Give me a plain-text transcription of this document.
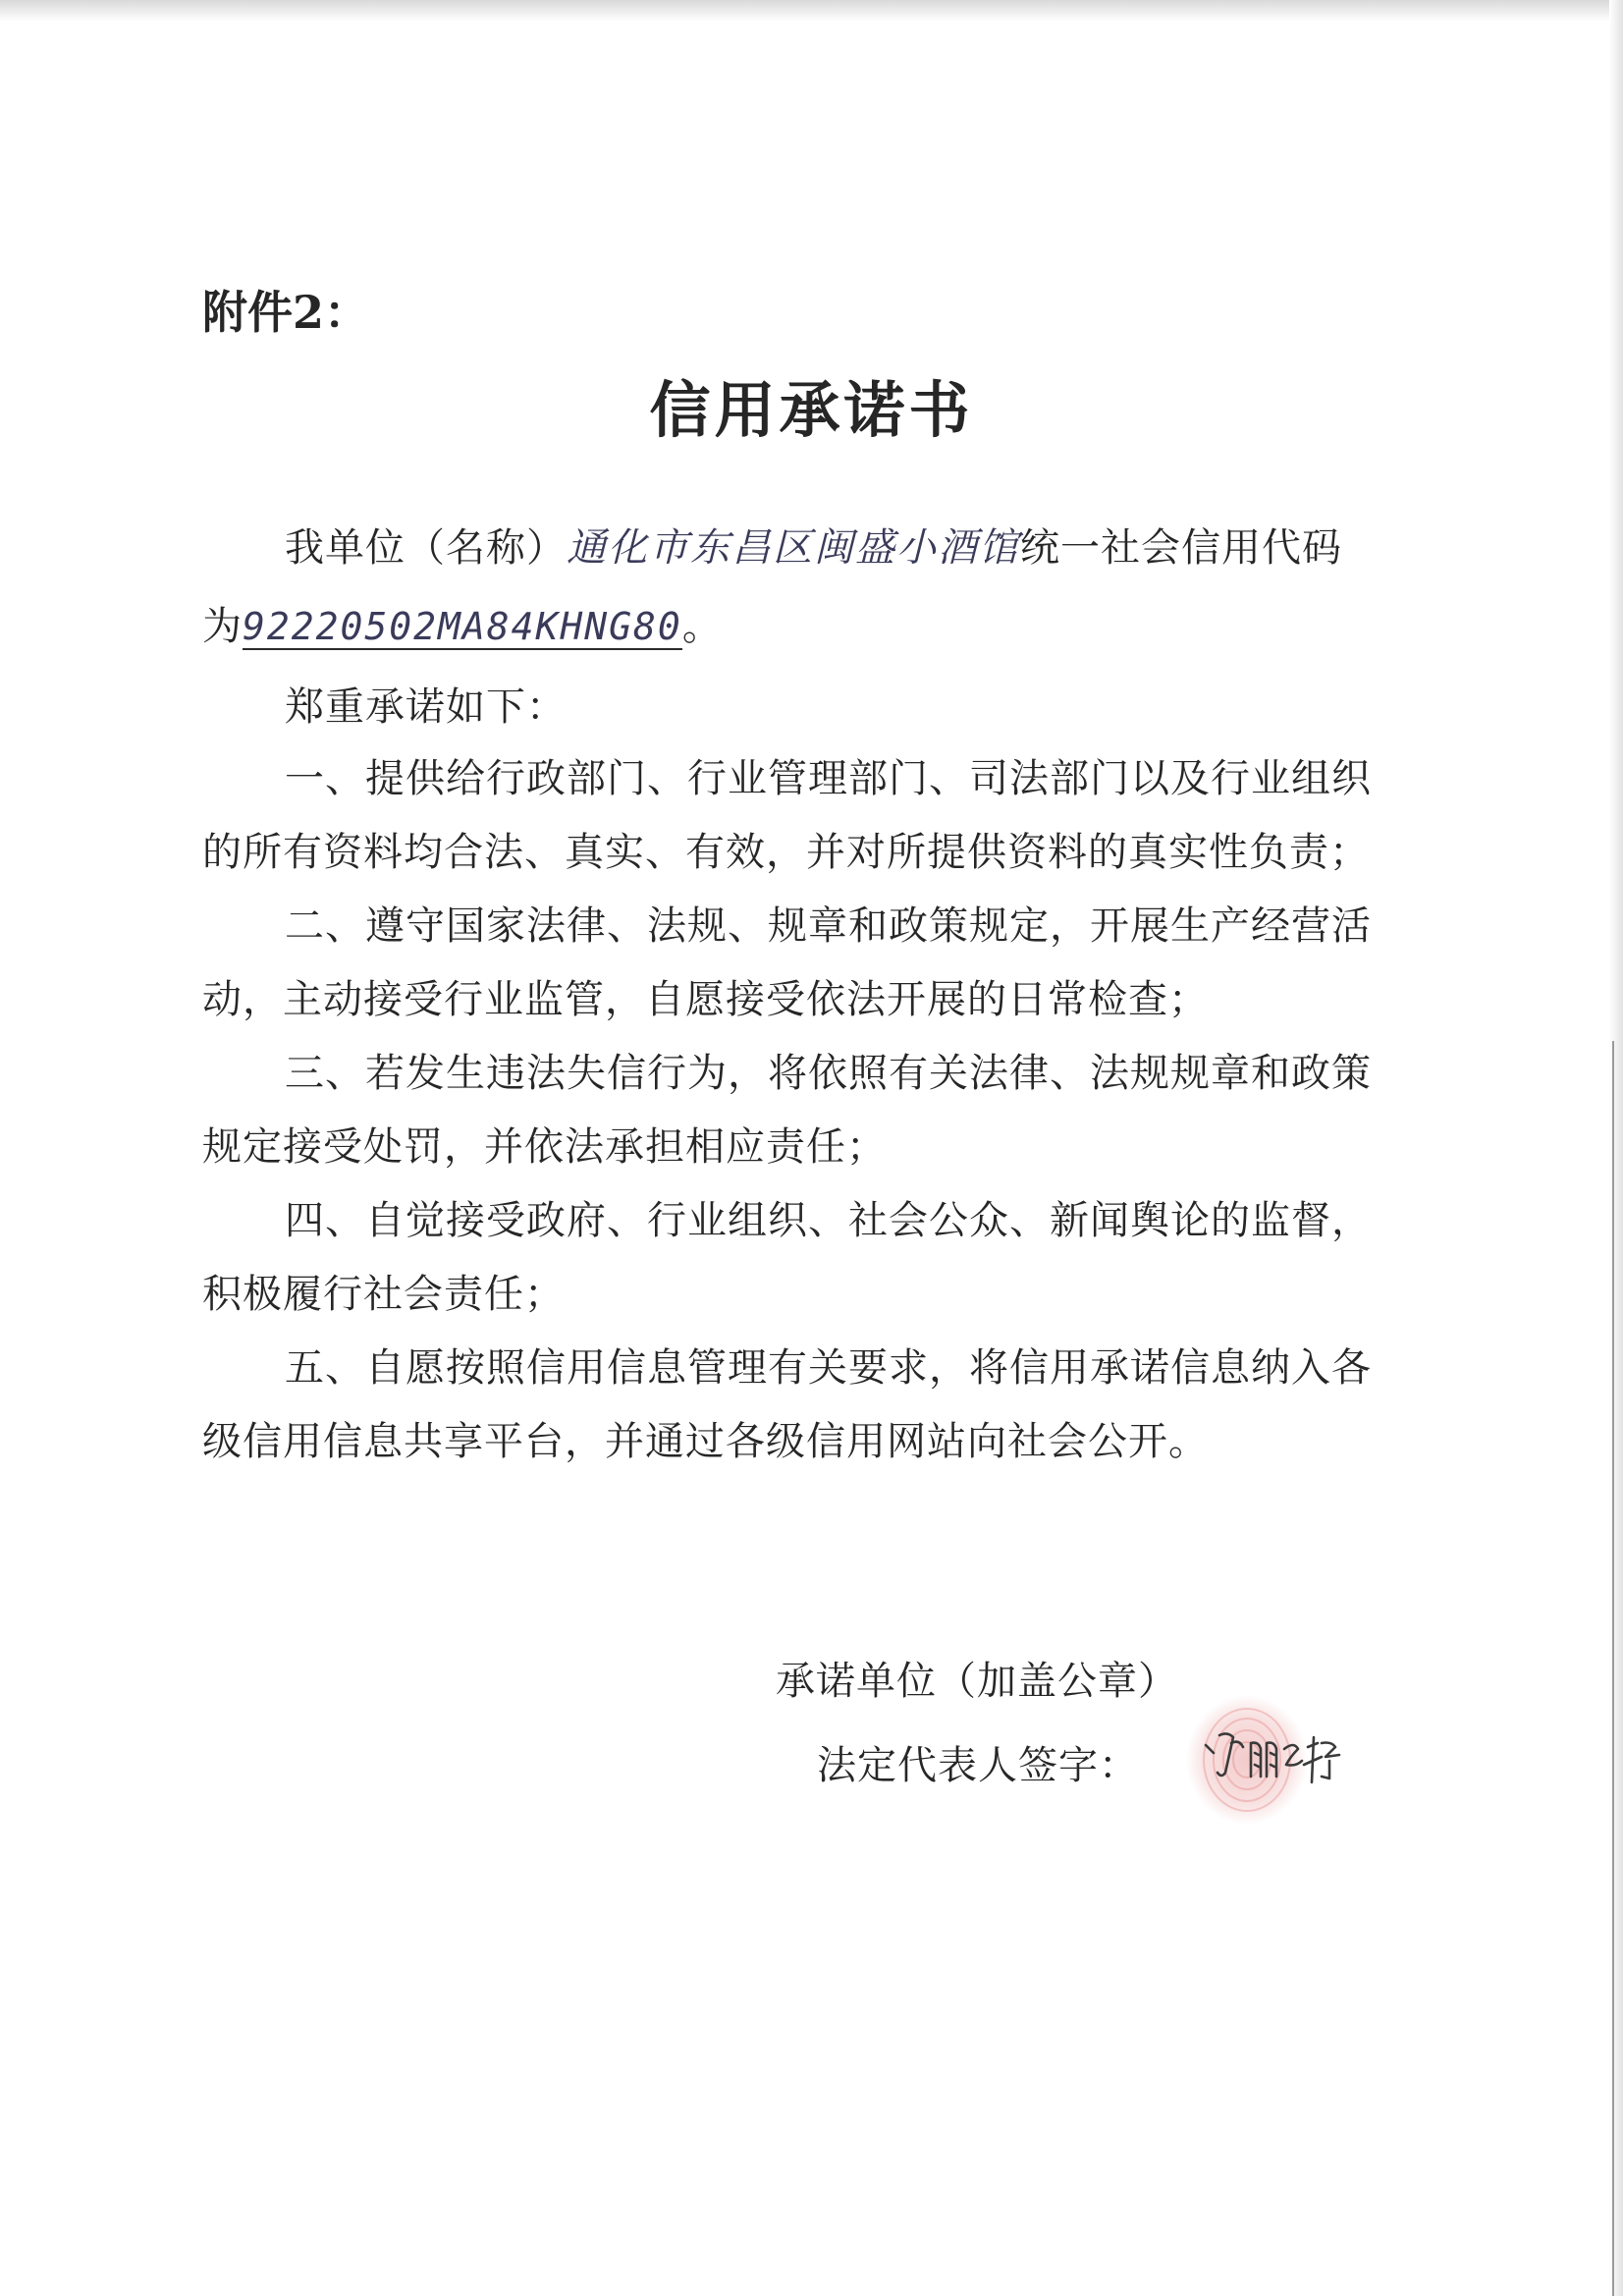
附件2：
信用承诺书
我单位（名称）通化市东昌区闽盛小酒馆统一社会信用代码
为92220502MA84KHNG80
。
郑重承诺如下：
一、提供给行政部门、行业管理部门、司法部门以及行业组织
的所有资料均合法、真实、有效，并对所提供资料的真实性负责；
二、遵守国家法律、法规、规章和政策规定，开展生产经营活
动，主动接受行业监管，自愿接受依法开展的日常检查；
三、若发生违法失信行为，将依照有关法律、法规规章和政策
规定接受处罚，并依法承担相应责任；
四、自觉接受政府、行业组织、社会公众、新闻舆论的监督，
积极履行社会责任；
五、自愿按照信用信息管理有关要求，将信用承诺信息纳入各
级信用信息共享平台，并通过各级信用网站向社会公开。
承诺单位（加盖公章）
法定代表人签字：
